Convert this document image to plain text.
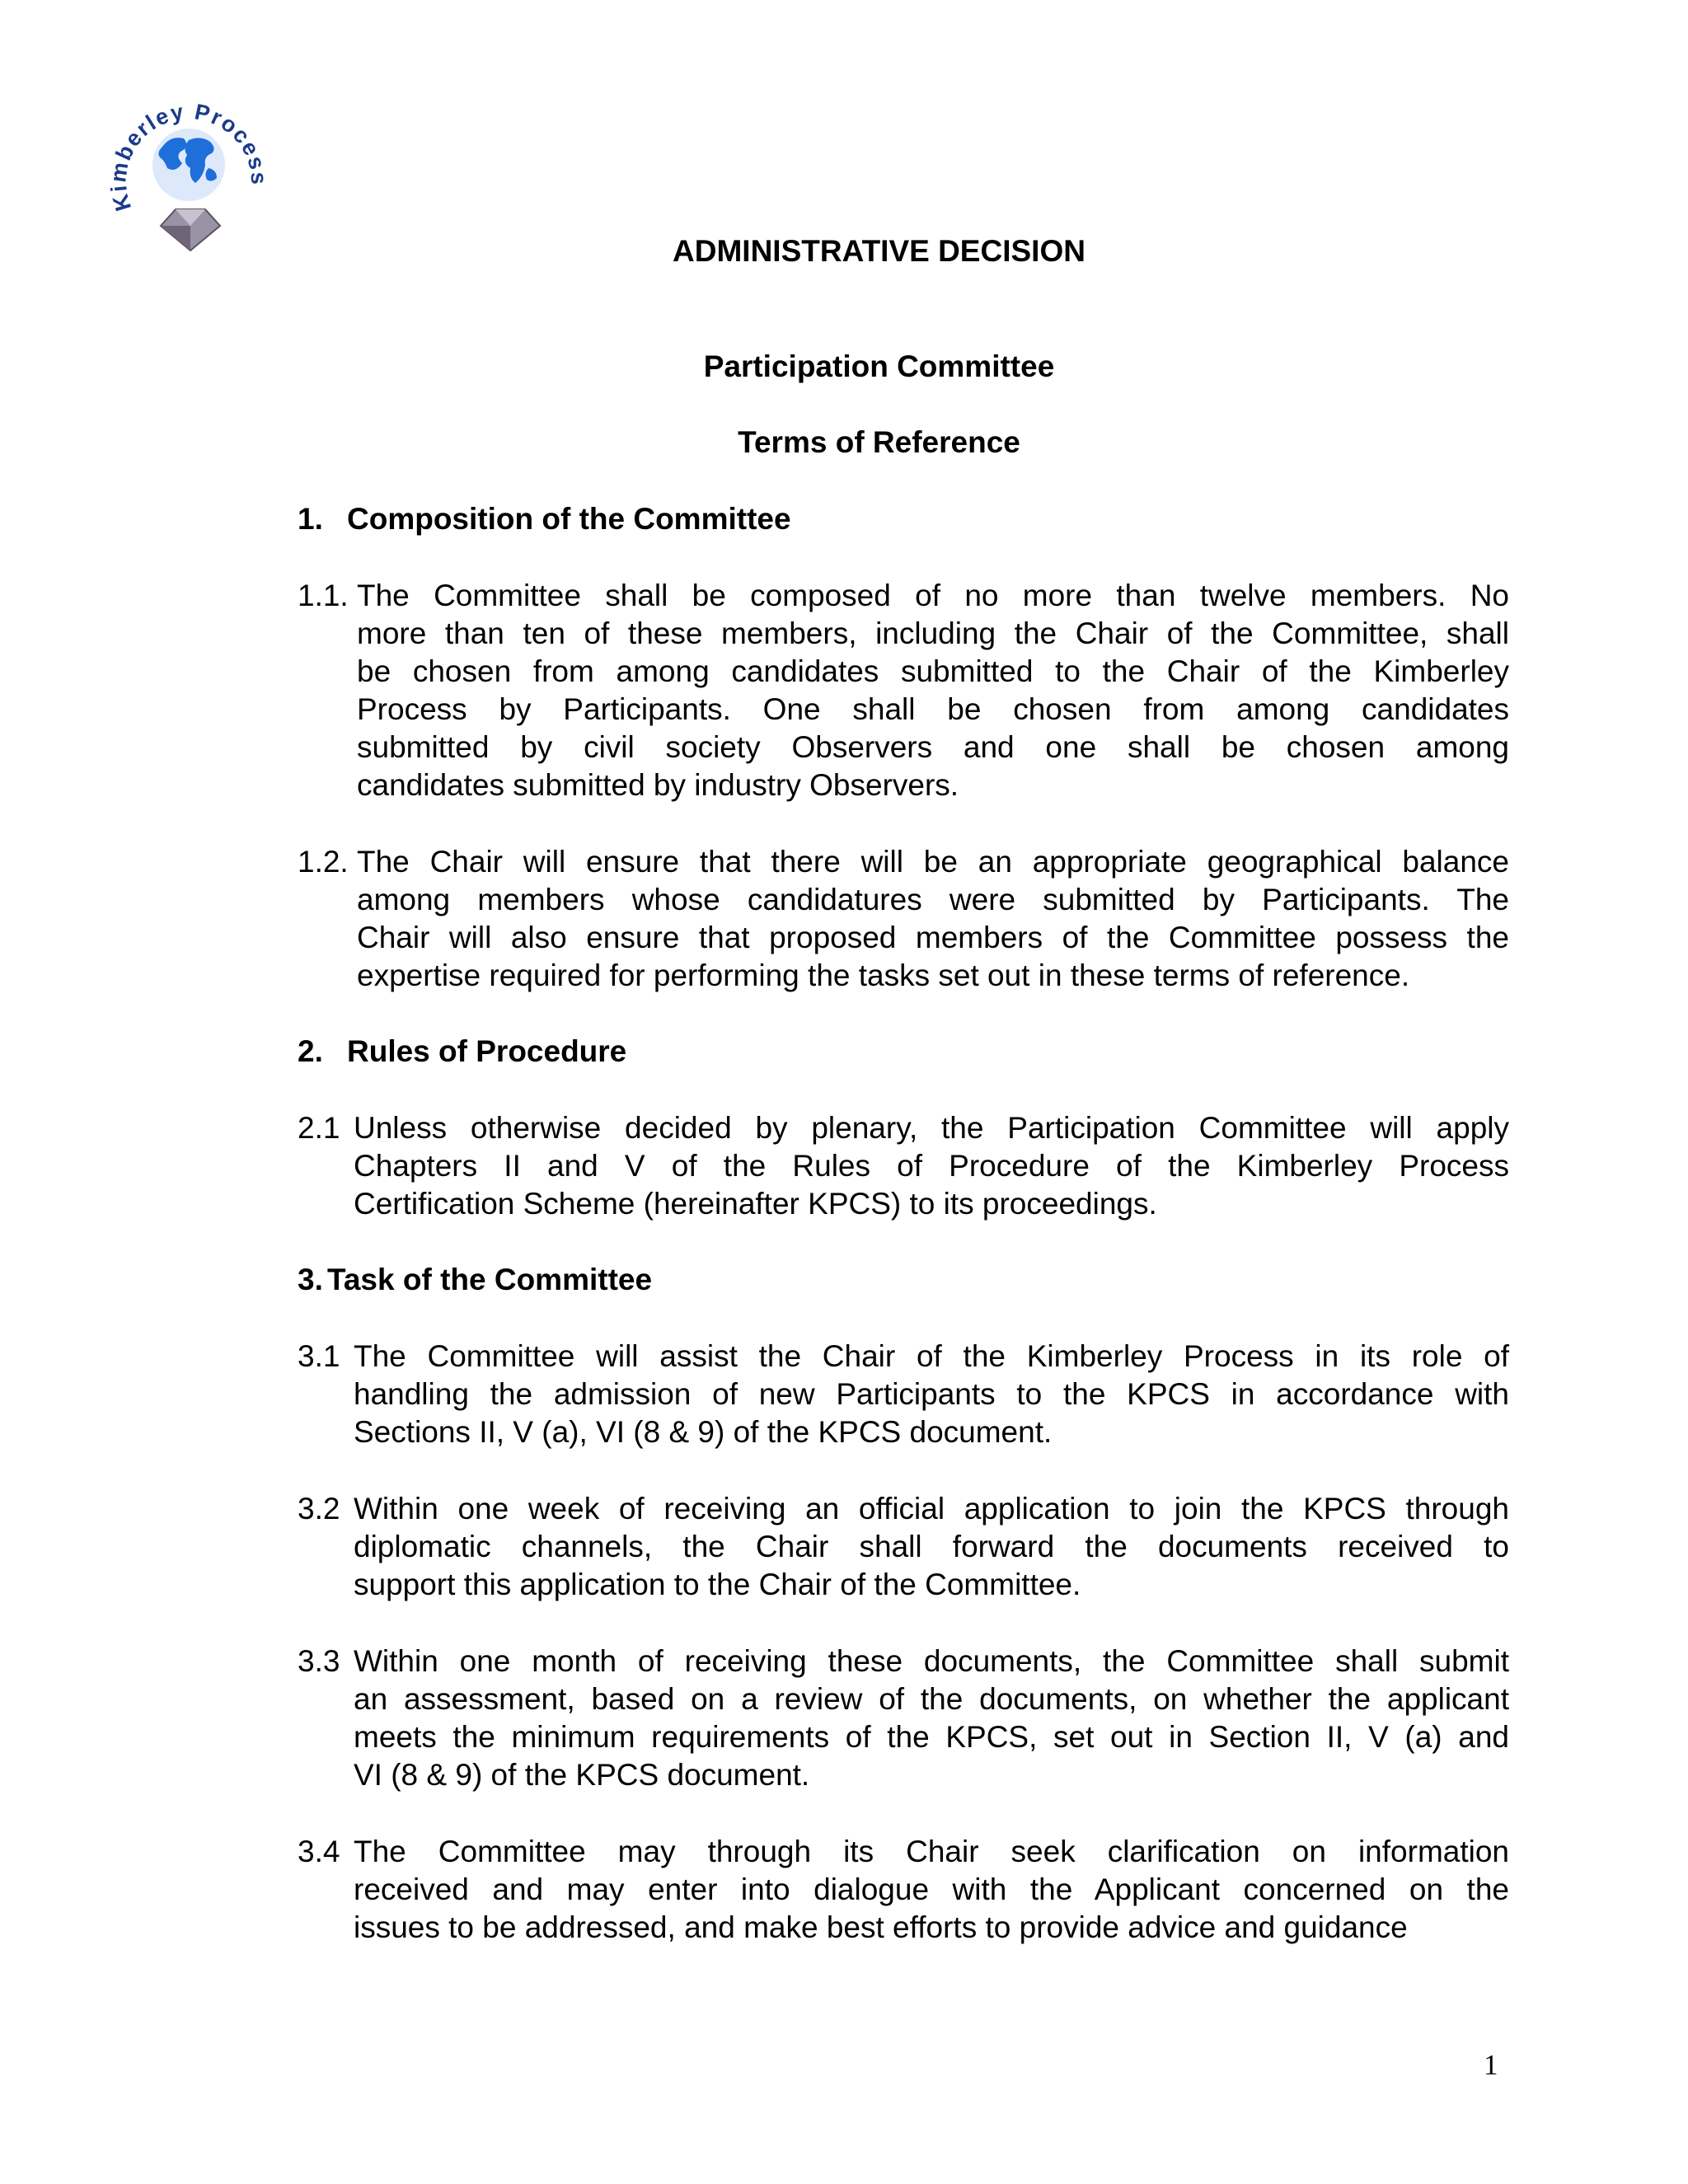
Kimberley Process
ADMINISTRATIVE DECISION
Participation Committee
Terms of Reference
1. Composition of the Committee
1.1. The Committee shall be composed of no more than twelve members. No
more than ten of these members, including the Chair of the Committee, shall
be chosen from among candidates submitted to the Chair of the Kimberley
Process by Participants. One shall be chosen from among candidates
submitted by civil society Observers and one shall be chosen among
candidates submitted by industry Observers.
1.2. The Chair will ensure that there will be an appropriate geographical balance
among members whose candidatures were submitted by Participants. The
Chair will also ensure that proposed members of the Committee possess the
expertise required for performing the tasks set out in these terms of reference.
2. Rules of Procedure
2.1 Unless otherwise decided by plenary, the Participation Committee will apply
Chapters II and V of the Rules of Procedure of the Kimberley Process
Certification Scheme (hereinafter KPCS) to its proceedings.
3. Task of the Committee
3.1 The Committee will assist the Chair of the Kimberley Process in its role of
handling the admission of new Participants to the KPCS in accordance with
Sections II, V (a), VI (8 & 9) of the KPCS document.
3.2 Within one week of receiving an official application to join the KPCS through
diplomatic channels, the Chair shall forward the documents received to
support this application to the Chair of the Committee.
3.3 Within one month of receiving these documents, the Committee shall submit
an assessment, based on a review of the documents, on whether the applicant
meets the minimum requirements of the KPCS, set out in Section II, V (a) and
VI (8 & 9) of the KPCS document.
3.4 The Committee may through its Chair seek clarification on information
received and may enter into dialogue with the Applicant concerned on the
issues to be addressed, and make best efforts to provide advice and guidance
1
